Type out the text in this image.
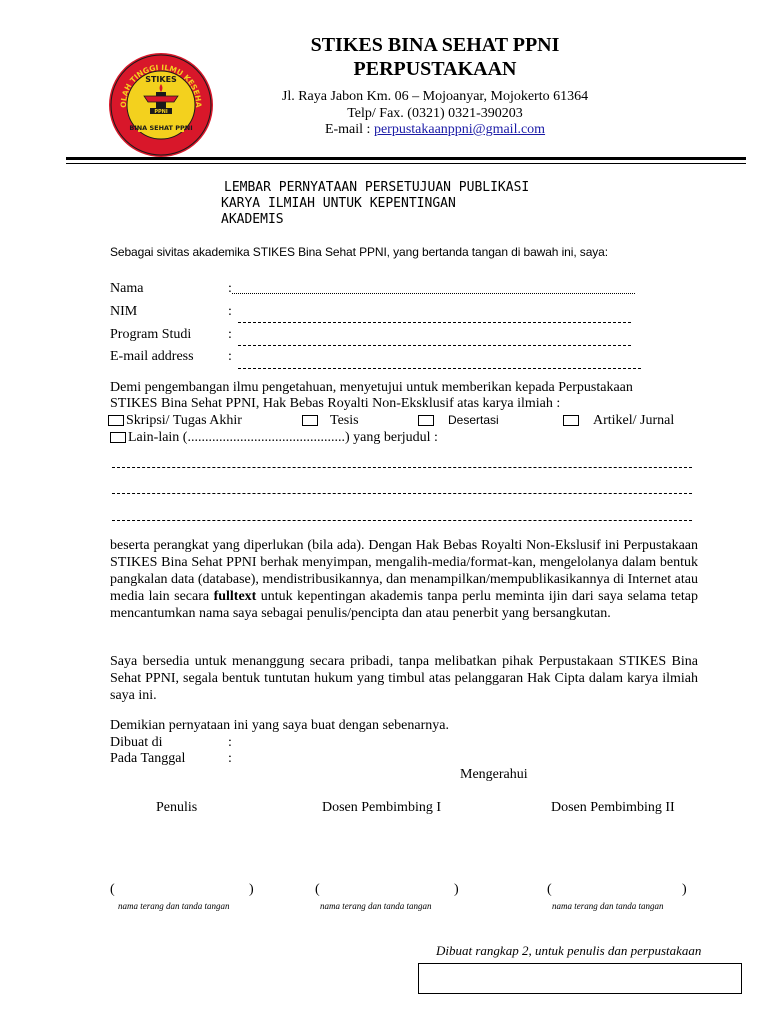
OLAH TINGGI ILMU KESEHA
STIKES
PPNI
BINA SEHAT PPNI
STIKES BINA SEHAT PPNI
PERPUSTAKAAN
Jl. Raya Jabon Km. 06 – Mojoanyar, Mojokerto 61364
Telp/ Fax. (0321) 0321-390203
E-mail : perpustakaanppni@gmail.com
LEMBAR PERNYATAAN PERSETUJUAN PUBLIKASI
KARYA ILMIAH UNTUK KEPENTINGAN
AKADEMIS
Sebagai sivitas akademika STIKES Bina Sehat PPNI, yang bertanda tangan di bawah ini, saya:
Nama	:
NIM	:
Program Studi	:
E-mail address :
Demi pengembangan ilmu pengetahuan, menyetujui untuk memberikan kepada Perpustakaan
STIKES Bina Sehat PPNI, Hak Bebas Royalti Non-Eksklusif atas karya ilmiah :
Skripsi/ Tugas Akhir	Tesis	Desertasi	Artikel/ Jurnal
Lain-lain (.............................................) yang berjudul :
beserta perangkat yang diperlukan (bila ada). Dengan Hak Bebas Royalti Non-Ekslusif ini Perpustakaan STIKES Bina Sehat PPNI berhak menyimpan, mengalih-media/format-kan, mengelolanya dalam bentuk pangkalan data (database), mendistribusikannya, dan menampilkan/mempublikasikannya di Internet atau media lain secara fulltext untuk kepentingan akademis tanpa perlu meminta ijin dari saya selama tetap mencantumkan nama saya sebagai penulis/pencipta dan atau penerbit yang bersangkutan.
Saya bersedia untuk menanggung secara pribadi, tanpa melibatkan pihak Perpustakaan STIKES Bina Sehat PPNI, segala bentuk tuntutan hukum yang timbul atas pelanggaran Hak Cipta dalam karya ilmiah saya ini.
Demikian pernyataan ini yang saya buat dengan sebenarnya.
Dibuat di	:
Pada Tanggal	:
Mengerahui
Penulis	Dosen Pembimbing I	Dosen Pembimbing II
(	)	(	)	(	)
nama terang dan tanda tangan	nama terang dan tanda tangan	nama terang dan tanda tangan
Dibuat rangkap 2, untuk penulis dan perpustakaan
